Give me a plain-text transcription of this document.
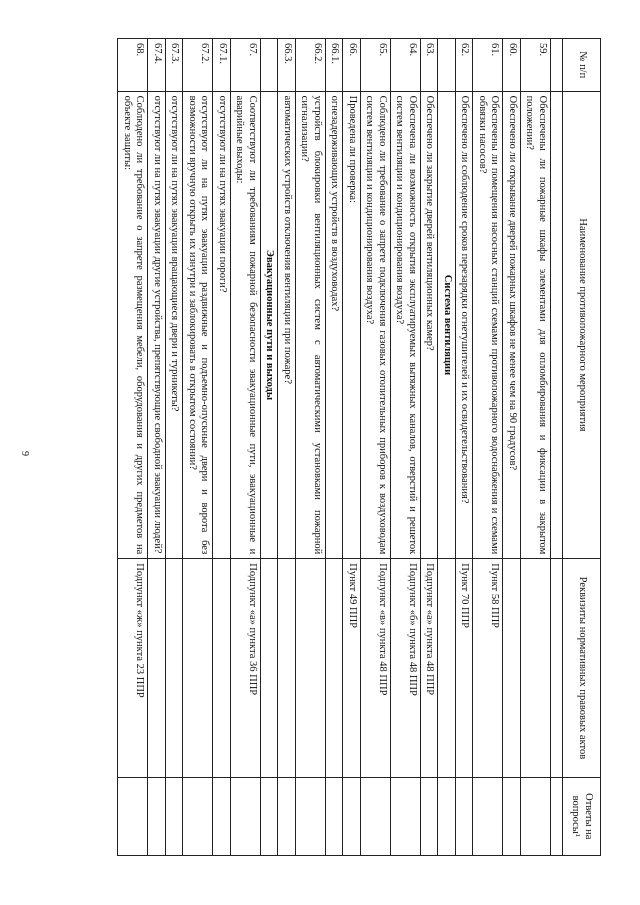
9
№ п/п	Наименование противопожарного мероприятия	Реквизиты нормативных правовых актов	Ответы на вопросы¹

59.	Обеспечены ли пожарные шкафы элементами для опломбирования и фиксации в закрытом положении?		
60.	Обеспечено ли открывание дверей пожарных шкафов не менее чем на 90 градусов?		
61.	Обеспечены ли помещения насосных станций схемами противопожарного водоснабжения и схемами обвязки насосов?	Пункт 58 ППР	
62.	Обеспечено ли соблюдение сроков перезарядки огнетушителей и их освидетельствования?	Пункт 70 ППР	
	Система вентиляции		
63.	Обеспечено ли закрытие дверей вентиляционных камер?	Подпункт «а» пункта 48 ППР	
64.	Обеспечена ли возможность открытия эксплуатируемых вытяжных каналов, отверстий и решеток систем вентиляции и кондиционирования воздуха?	Подпункт «б» пункта 48 ППР	
65.	Соблюдено ли требование о запрете подключения газовых отопительных приборов к воздуховодам систем вентиляции и кондиционирования воздуха?	Подпункт «в» пункта 48 ППР	
66.	Проведена ли проверка:	Пункт 49 ППР	
66.1.	огнезадерживающих устройств в воздуховодах?		
66.2.	устройств блокировки вентиляционных систем с автоматическими установками пожарной сигнализации?		
66.3.	автоматических устройств отключения вентиляции при пожаре?		
	Эвакуационные пути и выходы		
67.	Соответствуют ли требованиям пожарной безопасности эвакуационные пути, эвакуационные и аварийные выходы:	Подпункт «а» пункта 36 ППР	
67.1.	отсутствуют ли на путях эвакуации пороги?		
67.2.	отсутствуют ли на путях эвакуации раздвижные и подъемно-опускные двери и ворота без возможности вручную открыть их изнутри и заблокировать в открытом состоянии?		
67.3.	отсутствуют ли на путях эвакуации вращающиеся двери и турникеты?		
67.4.	отсутствуют ли на путях эвакуации другие устройства, препятствующие свободной эвакуации людей?		
68.	Соблюдено ли требование о запрете размещения мебели, оборудования и других предметов на объекте защиты:	Подпункт «ж» пункта 23 ППР	
